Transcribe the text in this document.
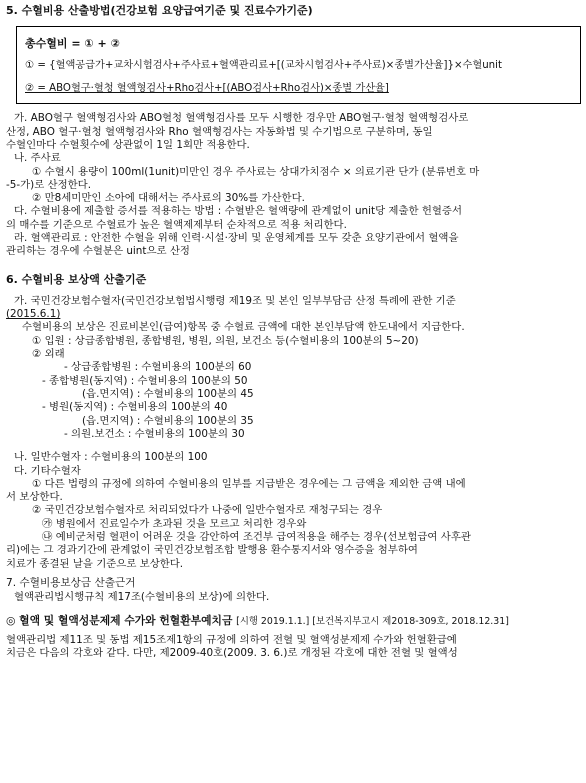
5. 수혈비용 산출방법(건강보험 요양급여기준 및 진료수가기준)
총수혈비 = ① + ②
① = {혈액공급가+교차시험검사+주사료+혈액관리료+[(교차시험검사+주사료)×종별가산율]}×수혈unit
② = ABO혈구·혈청 혈액형검사+Rho검사+[(ABO검사+Rho검사)×종별 가산율]

가. ABO혈구 혈액형검사와 ABO혈청 혈액형검사를 모두 시행한 경우만 ABO혈구·혈청 혈액형검사로

산정, ABO 혈구·혈청 혈액형검사와 Rho 혈액형검사는 자동화법 및 수기법으로 구분하며, 동일

수혈인마다 수혈횟수에 상관없이 1일 1회만 적용한다.

나. 주사료

① 수혈시 용량이 100ml(1unit)미만인 경우 주사료는 상대가치점수 × 의료기관 단가 (분류번호 마

-5-가)로 산정한다.

② 만8세미만인 소아에 대해서는 주사료의 30%를 가산한다.

다. 수혈비용에 제출할 증서를 적용하는 방법 : 수혈받은 혈액량에 관계없이 unit당 제출한 헌혈증서

의 매수를 기준으로 수혈료가 높은 혈액제제부터 순차적으로 적용 처리한다.

라. 혈액관리료 : 안전한 수혈을 위해 인력·시설·장비 및 운영체계를 모두 갖춘 요양기관에서 혈액을

관리하는 경우에 수혈분은 uint으로 산정

6. 수혈비용 보상액 산출기준

가. 국민건강보험수혈자(국민건강보험법시행령 제19조 및 본인 일부부담금 산정 특례에 관한 기준

(2015.6.1)

수혈비용의 보상은 진료비본인(급여)항목 중 수혈료 금액에 대한 본인부담액 한도내에서 지급한다.

① 입원 : 상급종합병원, 종합병원, 병원, 의원, 보건소 등(수혈비용의 100분의 5~20)

② 외래

- 상급종합병원 : 수혈비용의 100분의 60

- 종합병원(동지역) : 수혈비용의 100분의 50

(읍.면지역) : 수혈비용의 100분의 45

- 병원(동지역) : 수혈비용의 100분의 40

(읍.면지역) : 수혈비용의 100분의 35

- 의원.보건소 : 수혈비용의 100분의 30

나. 일반수혈자 : 수혈비용의 100분의 100

다. 기타수혈자

① 다른 법령의 규정에 의하여 수혈비용의 일부를 지급받은 경우에는 그 금액을 제외한 금액 내에

서 보상한다.

② 국민건강보험수혈자로 처리되었다가 나중에 일반수혈자로 재청구되는 경우

㉮ 병원에서 진료일수가 초과된 것을 모르고 처리한 경우와

㉯ 예비군처럼 혈편이 어려운 것을 감안하여 조건부 급여적용을 해주는 경우(선보험급여 사후관

리)에는 그 경과기간에 관계없이 국민건강보험조합 발행용 환수통지서와 영수증을 첨부하여

치료가 종결된 날을 기준으로 보상한다.

7. 수혈비용보상금 산출근거

혈액관리법시행규칙 제17조(수혈비용의 보상)에 의한다.

◎ 혈액 및 혈액성분제제 수가와 헌혈환부예치금 [시행 2019.1.1.] [보건복지부고시 제2018-309호, 2018.12.31]

혈액관리법 제11조 및 동법 제15조제1항의 규정에 의하여 전혈 및 혈액성분제제 수가와 헌혈환급예

치금은 다음의 각호와 같다. 다만, 제2009-40호(2009. 3. 6.)로 개정된 각호에 대한 전혈 및 혈액성
